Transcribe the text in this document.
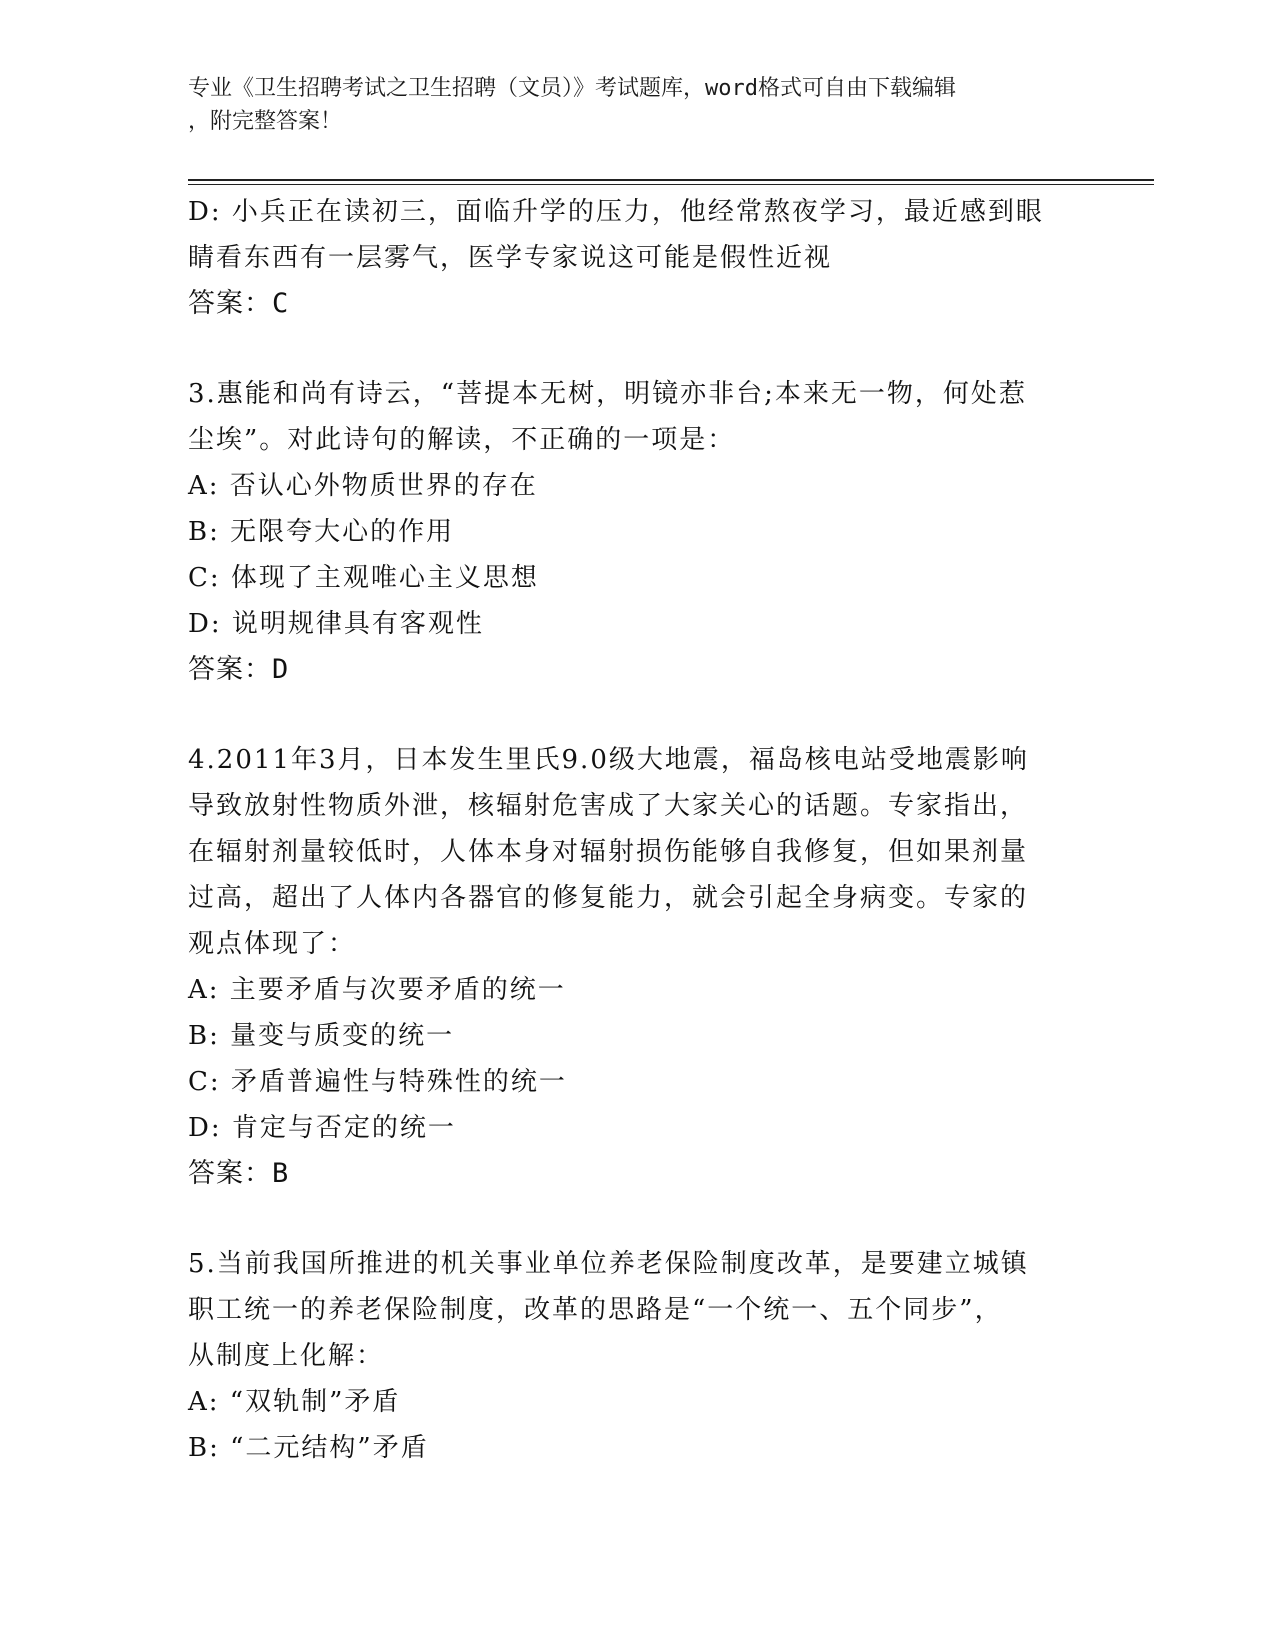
专业《卫生招聘考试之卫生招聘（文员）》考试题库，word格式可自由下载编辑
，附完整答案！

D: 小兵正在读初三，面临升学的压力，他经常熬夜学习，最近感到眼

睛看东西有一层雾气，医学专家说这可能是假性近视

答案：C

3.惠能和尚有诗云，“菩提本无树，明镜亦非台;本来无一物，何处惹

尘埃”。对此诗句的解读，不正确的一项是：

A: 否认心外物质世界的存在

B: 无限夸大心的作用

C: 体现了主观唯心主义思想

D: 说明规律具有客观性

答案：D

4.2011年3月，日本发生里氏9.0级大地震，福岛核电站受地震影响

导致放射性物质外泄，核辐射危害成了大家关心的话题。专家指出，

在辐射剂量较低时，人体本身对辐射损伤能够自我修复，但如果剂量

过高，超出了人体内各器官的修复能力，就会引起全身病变。专家的

观点体现了：

A: 主要矛盾与次要矛盾的统一

B: 量变与质变的统一

C: 矛盾普遍性与特殊性的统一

D: 肯定与否定的统一

答案：B

5.当前我国所推进的机关事业单位养老保险制度改革，是要建立城镇

职工统一的养老保险制度，改革的思路是“一个统一、五个同步”，

从制度上化解：

A: “双轨制”矛盾

B: “二元结构”矛盾
